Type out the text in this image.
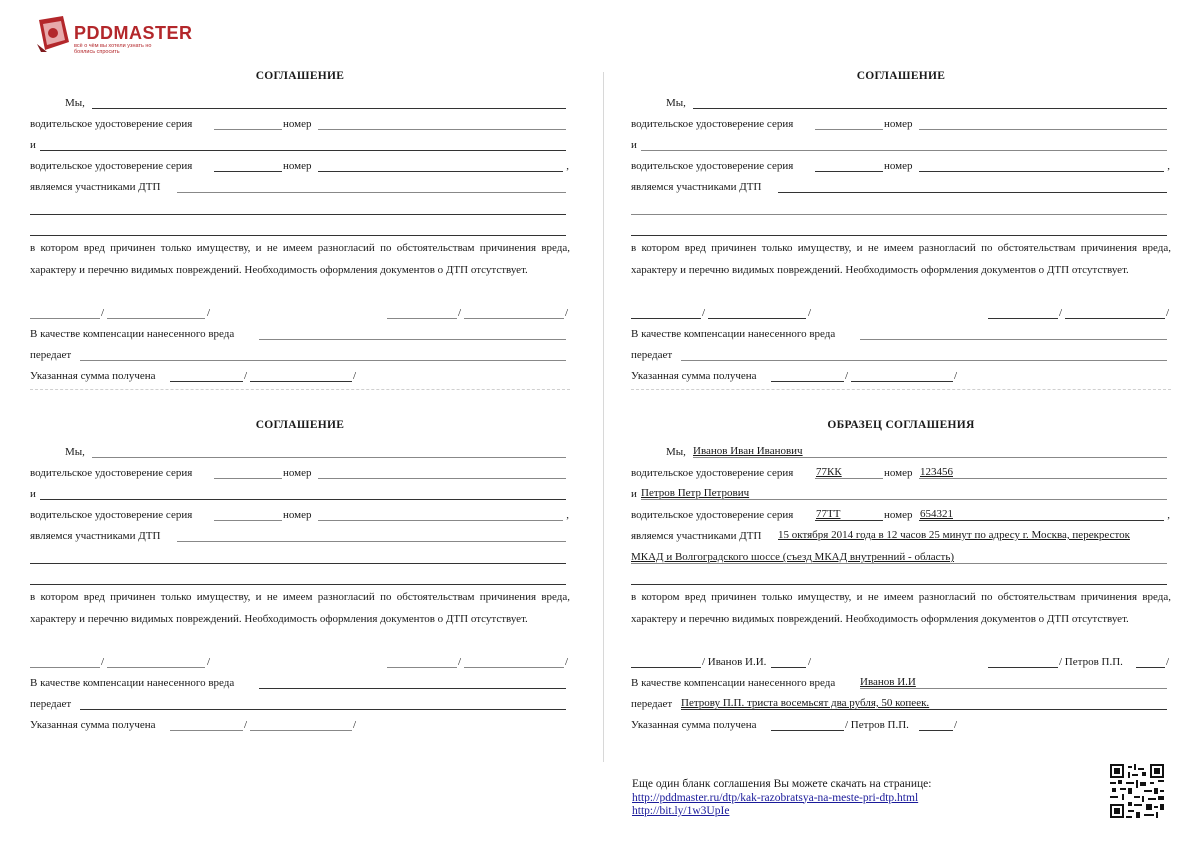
PDDMASTER
всё о чём вы хотели узнать но боялись спросить
СОГЛАШЕНИЕ
Мы,
водительское удостоверение серия	номер
и
водительское удостоверение серия	номер	,
являемся участниками ДТП
в котором вред причинен только имуществу, и не имеем разногласий по обстоятельствам причинения вреда, характеру и перечню видимых повреждений. Необходимость оформления документов о ДТП отсутствует.
/	/	/	/
В качестве компенсации нанесенного вреда
передает
Указанная сумма получена	/	/
СОГЛАШЕНИЕ
Мы,
водительское удостоверение серия	номер
и
водительское удостоверение серия	номер	,
являемся участниками ДТП
в котором вред причинен только имуществу, и не имеем разногласий по обстоятельствам причинения вреда, характеру и перечню видимых повреждений. Необходимость оформления документов о ДТП отсутствует.
/	/	/	/
В качестве компенсации нанесенного вреда
передает
Указанная сумма получена	/	/
СОГЛАШЕНИЕ
Мы,
водительское удостоверение серия	номер
и
водительское удостоверение серия	номер	,
являемся участниками ДТП
в котором вред причинен только имуществу, и не имеем разногласий по обстоятельствам причинения вреда, характеру и перечню видимых повреждений. Необходимость оформления документов о ДТП отсутствует.
/	/	/	/
В качестве компенсации нанесенного вреда
передает
Указанная сумма получена	/	/
ОБРАЗЕЦ СОГЛАШЕНИЯ
Мы, Иванов Иван Иванович
водительское удостоверение серия 77КК	номер 123456
и Петров Петр Петрович
водительское удостоверение серия 77ТТ	номер 654321	,
являемся участниками ДТП 15 октября 2014 года в 12 часов 25 минут по адресу г. Москва, перекресток
МКАД и Волгоградского шоссе (съезд МКАД внутренний - область)
в котором вред причинен только имуществу, и не имеем разногласий по обстоятельствам причинения вреда, характеру и перечню видимых повреждений. Необходимость оформления документов о ДТП отсутствует.
/ Иванов И.И.	/	/ Петров П.П.	/
В качестве компенсации нанесенного вреда Иванов И.И
передает Петрову П.П. триста восемьсят два рубля, 50 копеек.
Указанная сумма получена	/ Петров П.П.	/
Еще один бланк соглашения Вы можете скачать на странице:
http://pddmaster.ru/dtp/kak-razobratsya-na-meste-pri-dtp.html
http://bit.ly/1w3UpIe
